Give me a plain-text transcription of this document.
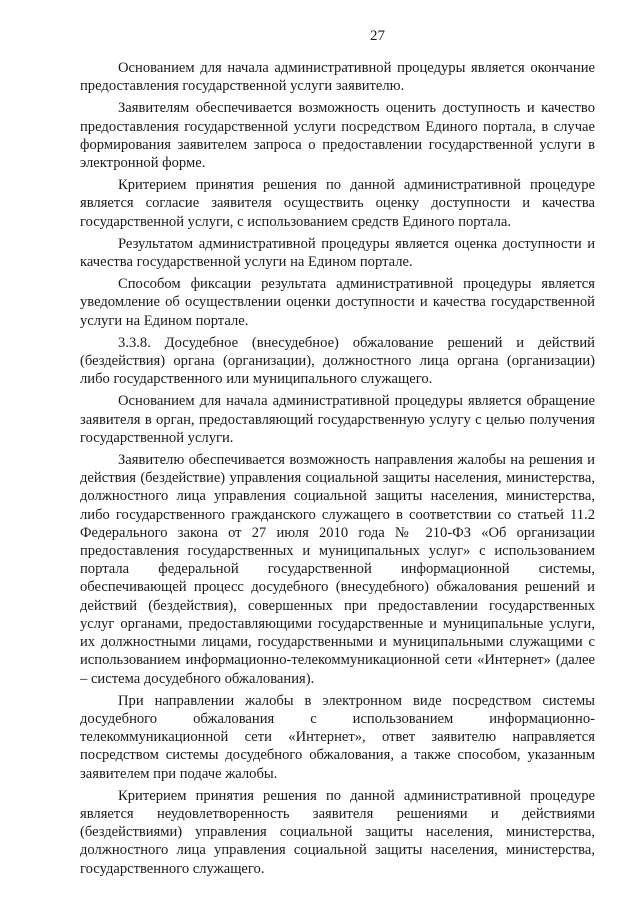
27

Основанием для начала административной процедуры является окончание предоставления государственной услуги заявителю.

Заявителям обеспечивается возможность оценить доступность и качество предоставления государственной услуги посредством Единого портала, в случае формирования заявителем запроса о предоставлении государственной услуги в электронной форме.

Критерием принятия решения по данной административной процедуре является согласие заявителя осуществить оценку доступности и качества государственной услуги, с использованием средств Единого портала.

Результатом административной процедуры является оценка доступности и качества государственной услуги на Едином портале.

Способом фиксации результата административной процедуры является уведомление об осуществлении оценки доступности и качества государственной услуги на Едином портале.

3.3.8. Досудебное (внесудебное) обжалование решений и действий (бездействия) органа (организации), должностного лица органа (организации) либо государственного или муниципального служащего.

Основанием для начала административной процедуры является обращение заявителя в орган, предоставляющий государственную услугу с целью получения государственной услуги.

Заявителю обеспечивается возможность направления жалобы на решения и действия (бездействие) управления социальной защиты населения, министерства, должностного лица управления социальной защиты населения, министерства, либо государственного гражданского служащего в соответствии со статьей 11.2 Федерального закона от 27 июля 2010 года № 210-ФЗ «Об организации предоставления государственных и муниципальных услуг» с использованием портала федеральной государственной информационной системы, обеспечивающей процесс досудебного (внесудебного) обжалования решений и действий (бездействия), совершенных при предоставлении государственных услуг органами, предоставляющими государственные и муниципальные услуги, их должностными лицами, государственными и муниципальными служащими с использованием информационно-телекоммуникационной сети «Интернет» (далее – система досудебного обжалования).

При направлении жалобы в электронном виде посредством системы досудебного обжалования с использованием информационно-телекоммуникационной сети «Интернет», ответ заявителю направляется посредством системы досудебного обжалования, а также способом, указанным заявителем при подаче жалобы.

Критерием принятия решения по данной административной процедуре является неудовлетворенность заявителя решениями и действиями (бездействиями) управления социальной защиты населения, министерства, должностного лица управления социальной защиты населения, министерства, государственного служащего.
